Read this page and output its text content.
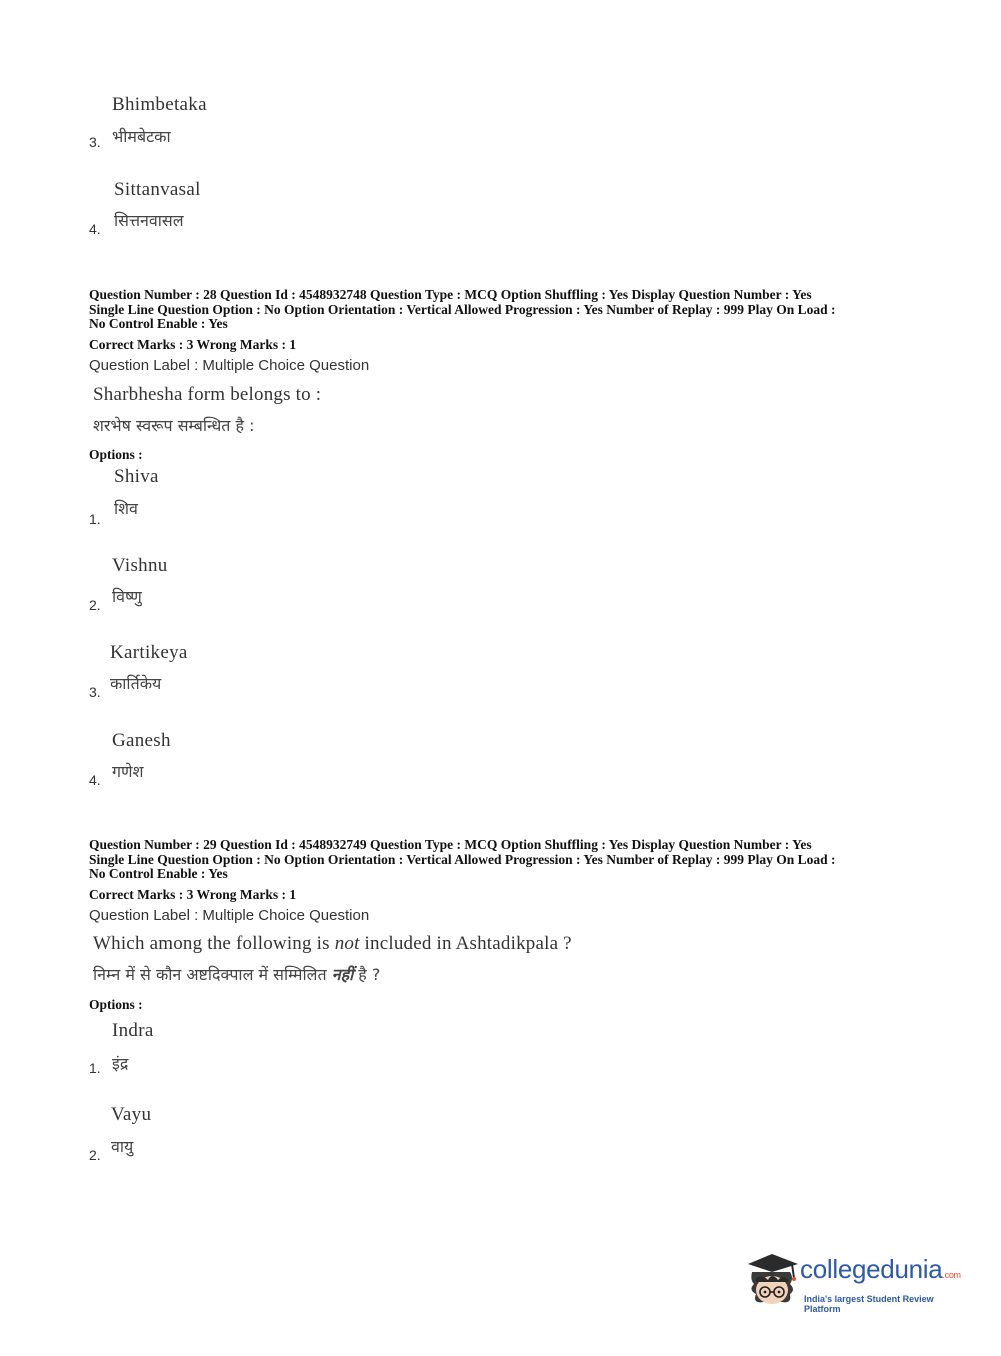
Bhimbetaka
भीमबेटका
3.
Sittanvasal
सित्तनवासल
4.
Question Number : 28 Question Id : 4548932748 Question Type : MCQ Option Shuffling : Yes Display Question Number : Yes
Single Line Question Option : No Option Orientation : Vertical Allowed Progression : Yes Number of Replay : 999 Play On Load :
No Control Enable : Yes
Correct Marks : 3 Wrong Marks : 1
Question Label : Multiple Choice Question
Sharbhesha form belongs to :
शरभेष स्वरूप सम्बन्धित है :
Options :
Shiva
शिव
1.
Vishnu
विष्णु
2.
Kartikeya
कार्तिकेय
3.
Ganesh
गणेश
4.
Question Number : 29 Question Id : 4548932749 Question Type : MCQ Option Shuffling : Yes Display Question Number : Yes
Single Line Question Option : No Option Orientation : Vertical Allowed Progression : Yes Number of Replay : 999 Play On Load :
No Control Enable : Yes
Correct Marks : 3 Wrong Marks : 1
Question Label : Multiple Choice Question
Which among the following is not included in Ashtadikpala ?
निम्न में से कौन अष्टदिक्पाल में सम्मिलित नहीं है ?
Options :
Indra
इंद्र
1.
Vayu
वायु
2.
collegedunia.com
India's largest Student Review Platform
